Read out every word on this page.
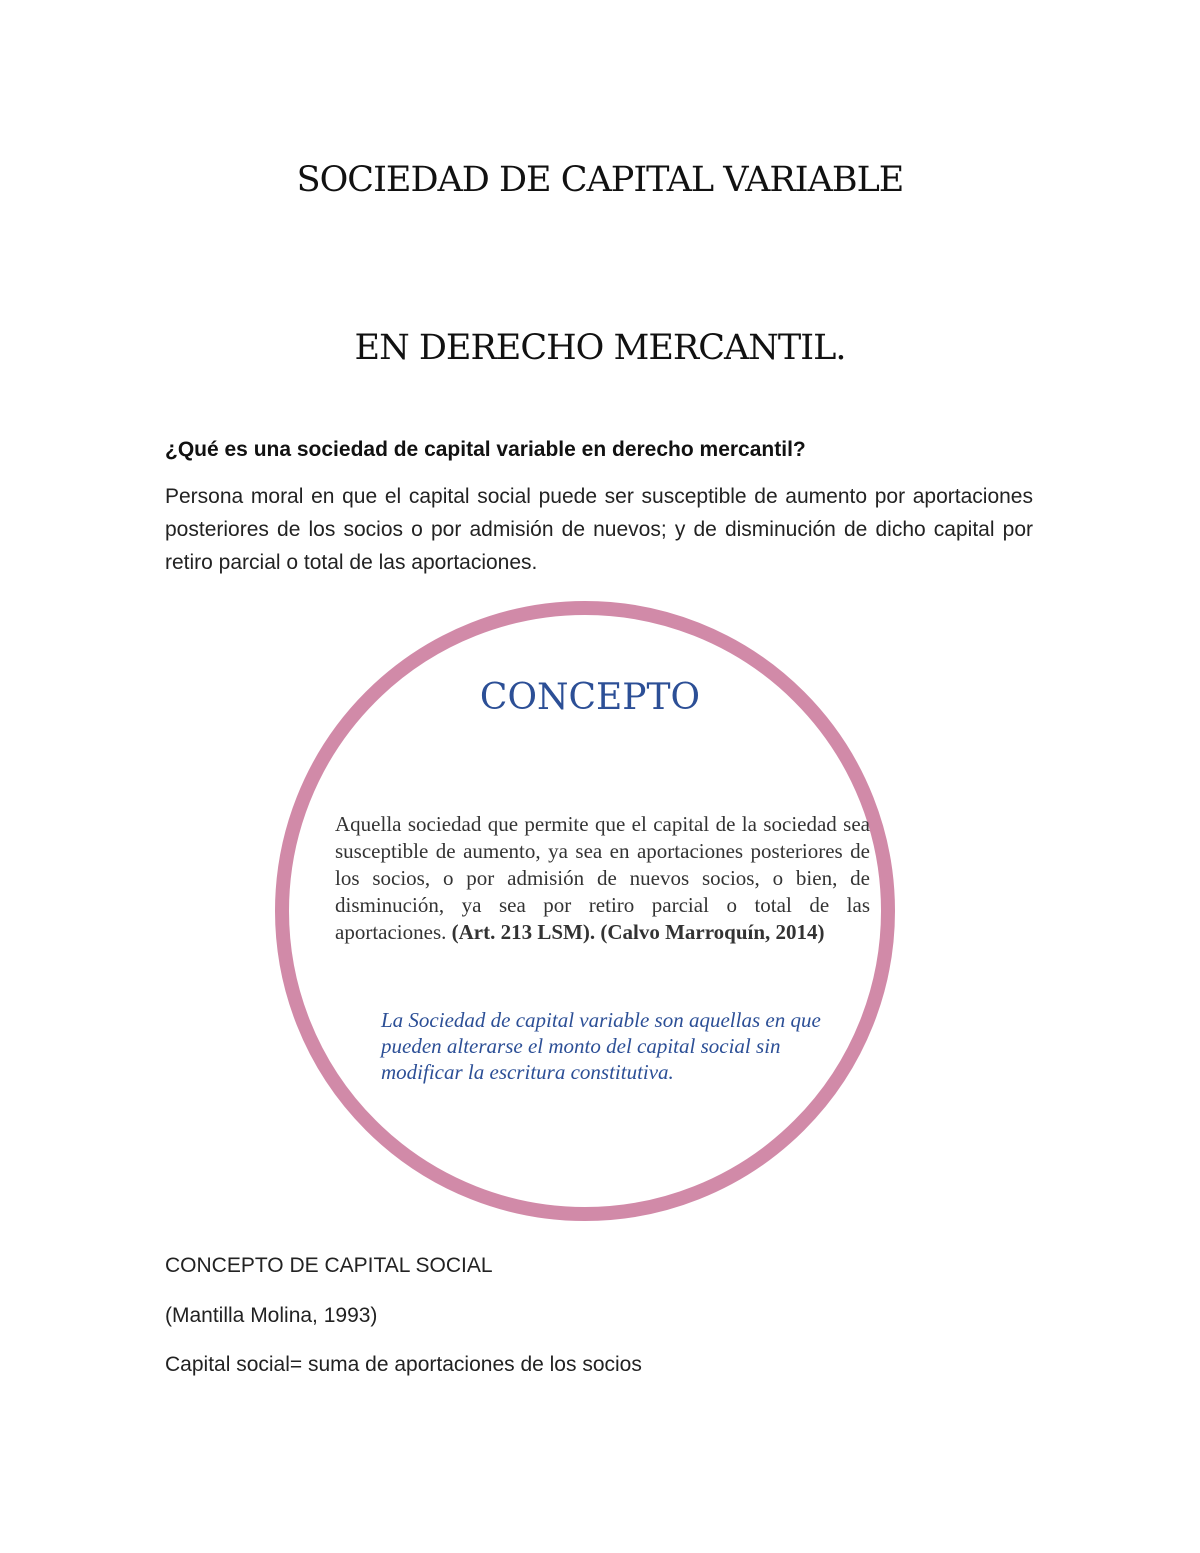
SOCIEDAD DE CAPITAL VARIABLE
EN DERECHO MERCANTIL.

¿Qué es una sociedad de capital variable en derecho mercantil?

Persona moral en que el capital social puede ser susceptible de aumento por aportaciones posteriores de los socios o por admisión de nuevos; y de disminución de dicho capital por retiro parcial o total de las aportaciones.

CONCEPTO

Aquella sociedad que permite que el capital de la sociedad sea susceptible de aumento, ya sea en aportaciones posteriores de los socios, o por admisión de nuevos socios, o bien, de disminución, ya sea por retiro parcial o total de las aportaciones. (Art. 213 LSM). (Calvo Marroquín, 2014)

La Sociedad de capital variable son aquellas en que pueden alterarse el monto del capital social sin modificar la escritura constitutiva.

CONCEPTO DE CAPITAL SOCIAL

(Mantilla Molina, 1993)

Capital social= suma de aportaciones de los socios
